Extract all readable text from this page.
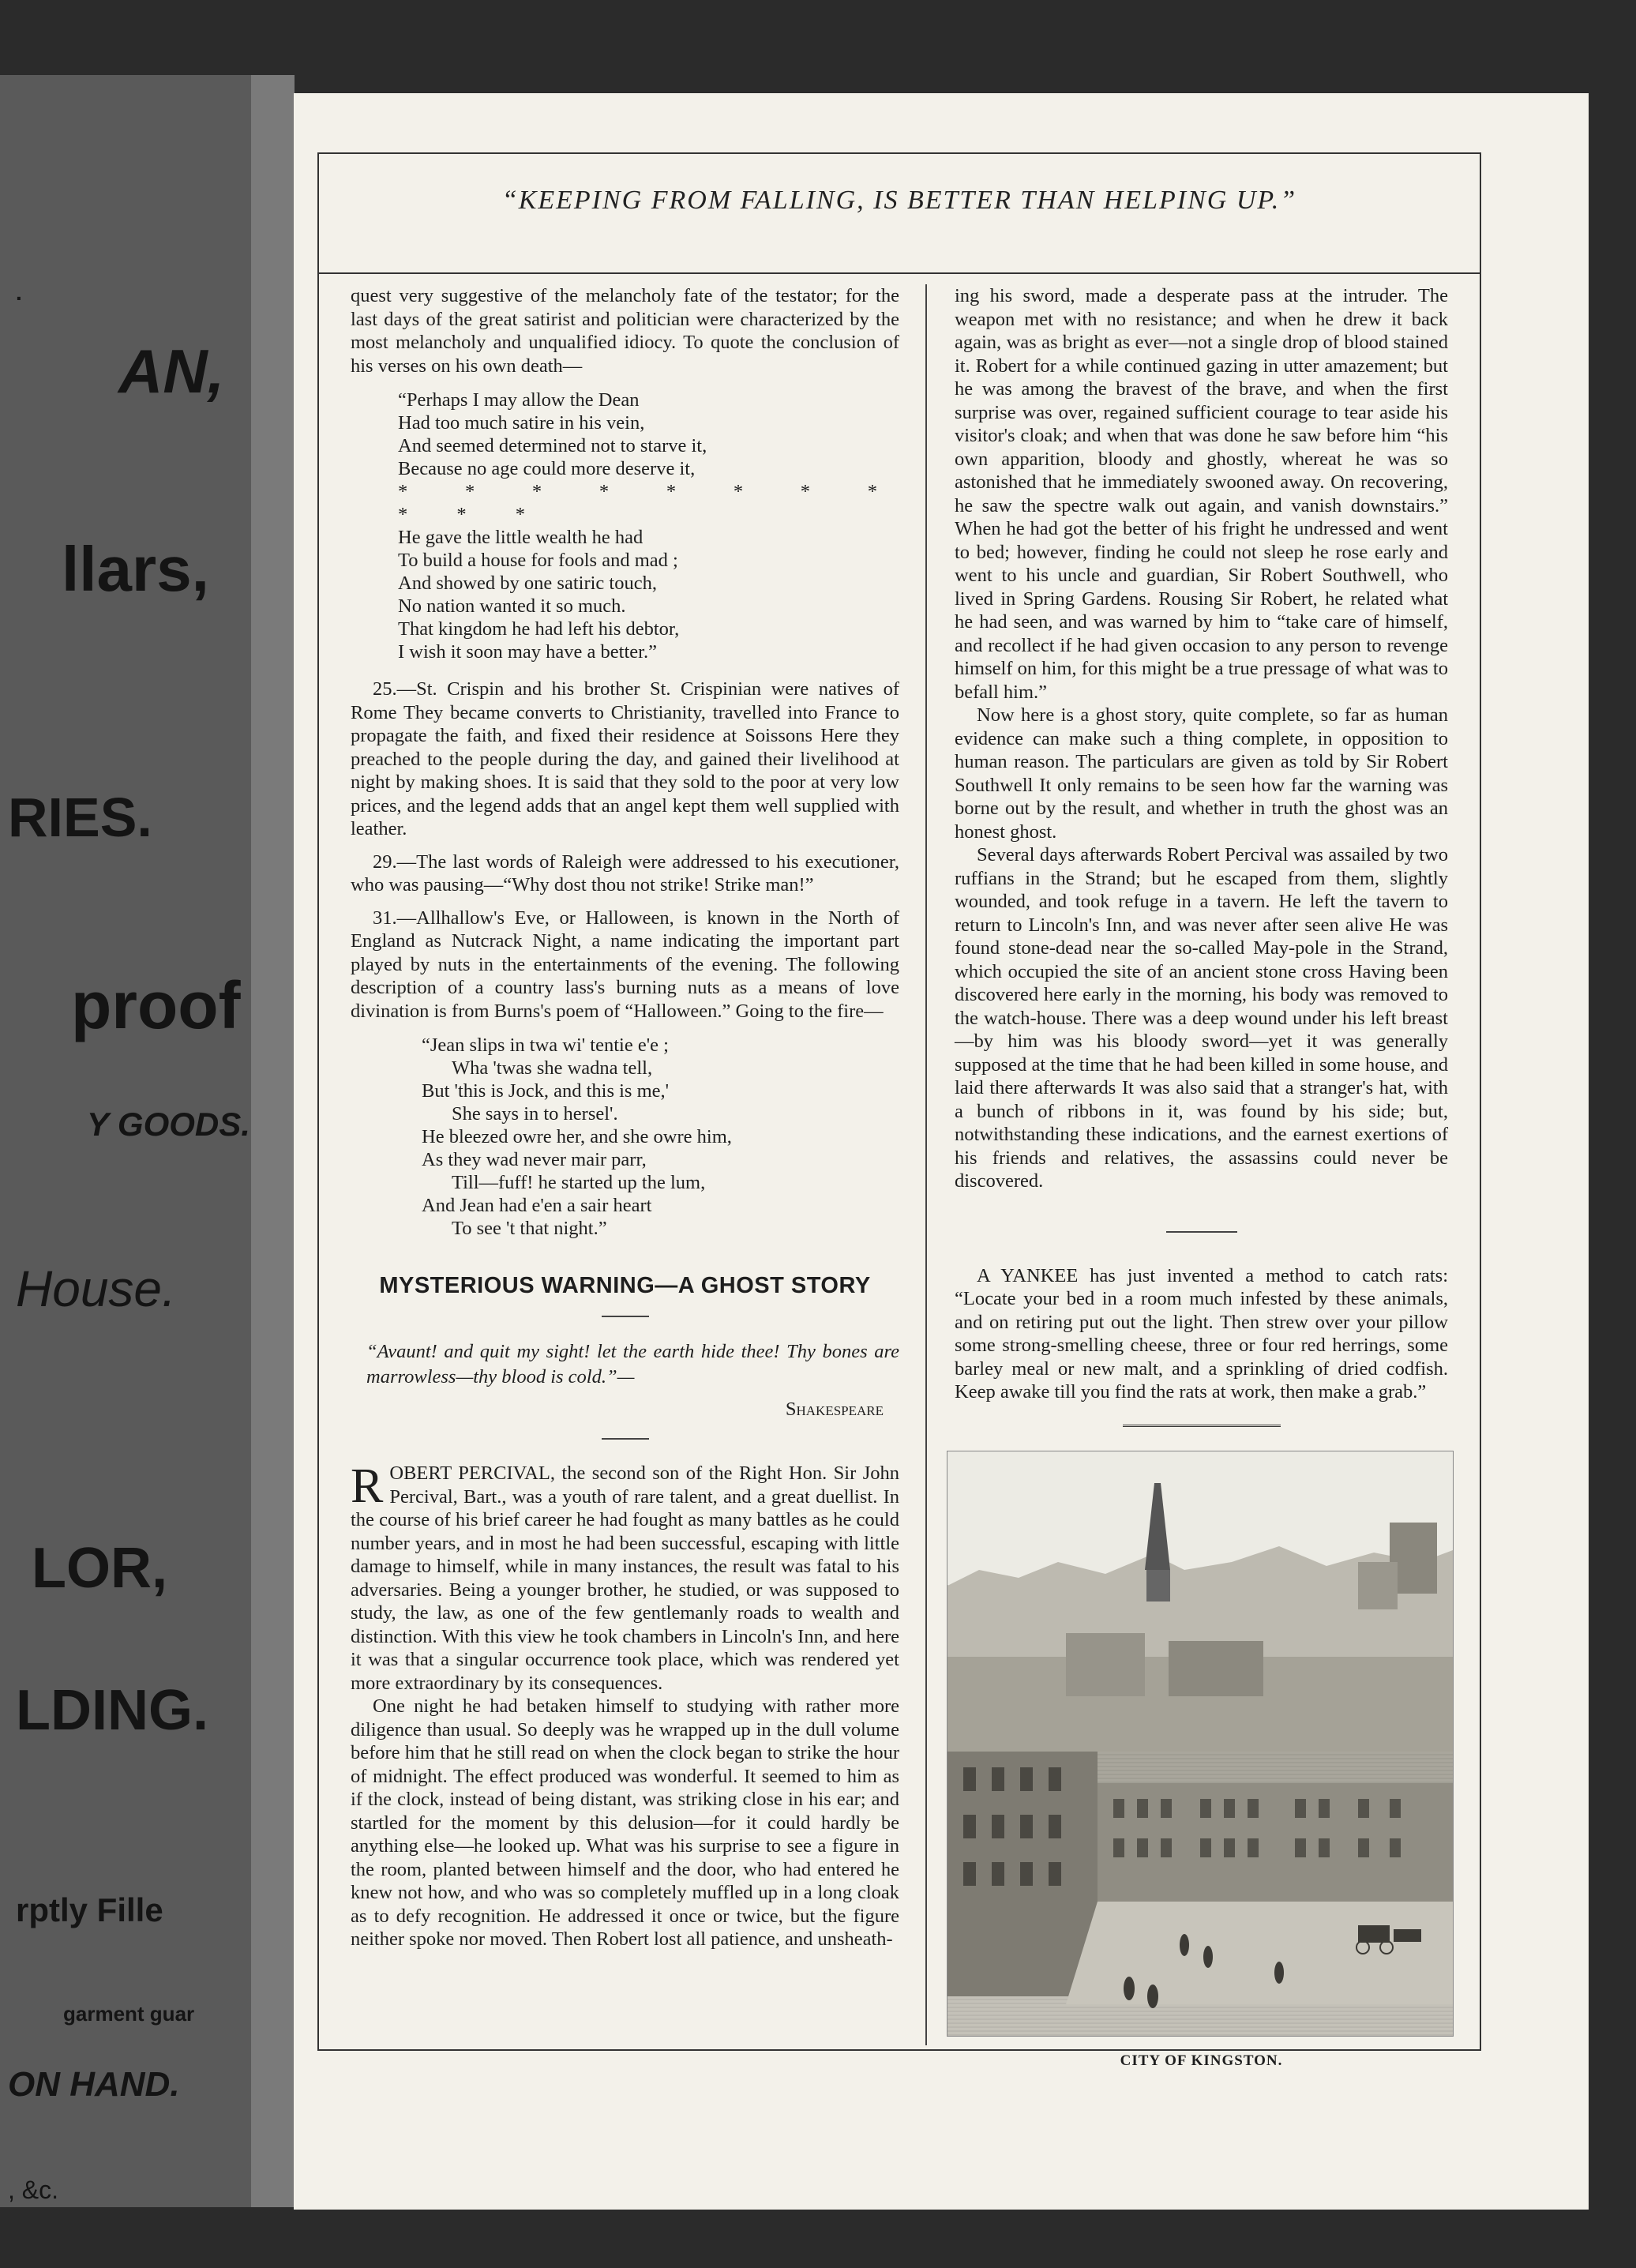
.
AN,
llars,
RIES.
proof
Y GOODS.
House.
LOR,
LDING.
rptly Fille
garment guar
ON HAND.
, &c.
“KEEPING FROM FALLING, IS BETTER THAN HELPING UP.”

quest very suggestive of the melancholy fate of the testator; for the last days of the great satirist and politician were characterized by the most melancholy and unqualified idiocy. To quote the conclusion of his verses on his own death—

“Perhaps I may allow the Dean
Had too much satire in his vein,
And seemed determined not to starve it,
Because no age could more deserve it,
* * * * * * * * * * *
He gave the little wealth he had
To build a house for fools and mad ;
And showed by one satiric touch,
No nation wanted it so much.
That kingdom he had left his debtor,
I wish it soon may have a better.”

25.—St. Crispin and his brother St. Crispinian were natives of Rome They became converts to Christianity, travelled into France to propagate the faith, and fixed their residence at Soissons Here they preached to the people during the day, and gained their livelihood at night by making shoes. It is said that they sold to the poor at very low prices, and the legend adds that an angel kept them well supplied with leather.

29.—The last words of Raleigh were addressed to his executioner, who was pausing—“Why dost thou not strike! Strike man!”

31.—Allhallow's Eve, or Halloween, is known in the North of England as Nutcrack Night, a name indicating the important part played by nuts in the entertainments of the evening. The following description of a country lass's burning nuts as a means of love divination is from Burns's poem of “Halloween.” Going to the fire—

“Jean slips in twa wi' tentie e'e ;
Wha 'twas she wadna tell,
But 'this is Jock, and this is me,'
She says in to hersel'.
He bleezed owre her, and she owre him,
As they wad never mair parr,
Till—fuff! he started up the lum,
And Jean had e'en a sair heart
To see 't that night.”
MYSTERIOUS WARNING—A GHOST STORY
“Avaunt! and quit my sight! let the earth hide thee! Thy bones are marrowless—thy blood is cold.”—
Shakespeare

ROBERT PERCIVAL, the second son of the Right Hon. Sir John Percival, Bart., was a youth of rare talent, and a great duellist. In the course of his brief career he had fought as many battles as he could number years, and in most he had been successful, escaping with little damage to himself, while in many instances, the result was fatal to his adversaries. Being a younger brother, he studied, or was supposed to study, the law, as one of the few gentlemanly roads to wealth and distinction. With this view he took chambers in Lincoln's Inn, and here it was that a singular occurrence took place, which was rendered yet more extraordinary by its consequences.

One night he had betaken himself to studying with rather more diligence than usual. So deeply was he wrapped up in the dull volume before him that he still read on when the clock began to strike the hour of midnight. The effect produced was wonderful. It seemed to him as if the clock, instead of being distant, was striking close in his ear; and startled for the moment by this delusion—for it could hardly be anything else—he looked up. What was his surprise to see a figure in the room, planted between himself and the door, who had entered he knew not how, and who was so completely muffled up in a long cloak as to defy recognition. He addressed it once or twice, but the figure neither spoke nor moved. Then Robert lost all patience, and unsheath-

ing his sword, made a desperate pass at the intruder. The weapon met with no resistance; and when he drew it back again, was as bright as ever—not a single drop of blood stained it. Robert for a while continued gazing in utter amazement; but he was among the bravest of the brave, and when the first surprise was over, regained sufficient courage to tear aside his visitor's cloak; and when that was done he saw before him “his own apparition, bloody and ghostly, whereat he was so astonished that he immediately swooned away. On recovering, he saw the spectre walk out again, and vanish downstairs.” When he had got the better of his fright he undressed and went to bed; however, finding he could not sleep he rose early and went to his uncle and guardian, Sir Robert Southwell, who lived in Spring Gardens. Rousing Sir Robert, he related what he had seen, and was warned by him to “take care of himself, and recollect if he had given occasion to any person to revenge himself on him, for this might be a true pressage of what was to befall him.”

Now here is a ghost story, quite complete, so far as human evidence can make such a thing complete, in opposition to human reason. The particulars are given as told by Sir Robert Southwell It only remains to be seen how far the warning was borne out by the result, and whether in truth the ghost was an honest ghost.

Several days afterwards Robert Percival was assailed by two ruffians in the Strand; but he escaped from them, slightly wounded, and took refuge in a tavern. He left the tavern to return to Lincoln's Inn, and was never after seen alive He was found stone-dead near the so-called May-pole in the Strand, which occupied the site of an ancient stone cross Having been discovered here early in the morning, his body was removed to the watch-house. There was a deep wound under his left breast—by him was his bloody sword—yet it was generally supposed at the time that he had been killed in some house, and laid there afterwards It was also said that a stranger's hat, with a bunch of ribbons in it, was found by his side; but, notwithstanding these indications, and the earnest exertions of his friends and relatives, the assassins could never be discovered.

A YANKEE has just invented a method to catch rats: “Locate your bed in a room much infested by these animals, and on retiring put out the light. Then strew over your pillow some strong-smelling cheese, three or four red herrings, some barley meal or new malt, and a sprinkling of dried codfish. Keep awake till you find the rats at work, then make a grab.”

CITY OF KINGSTON.
